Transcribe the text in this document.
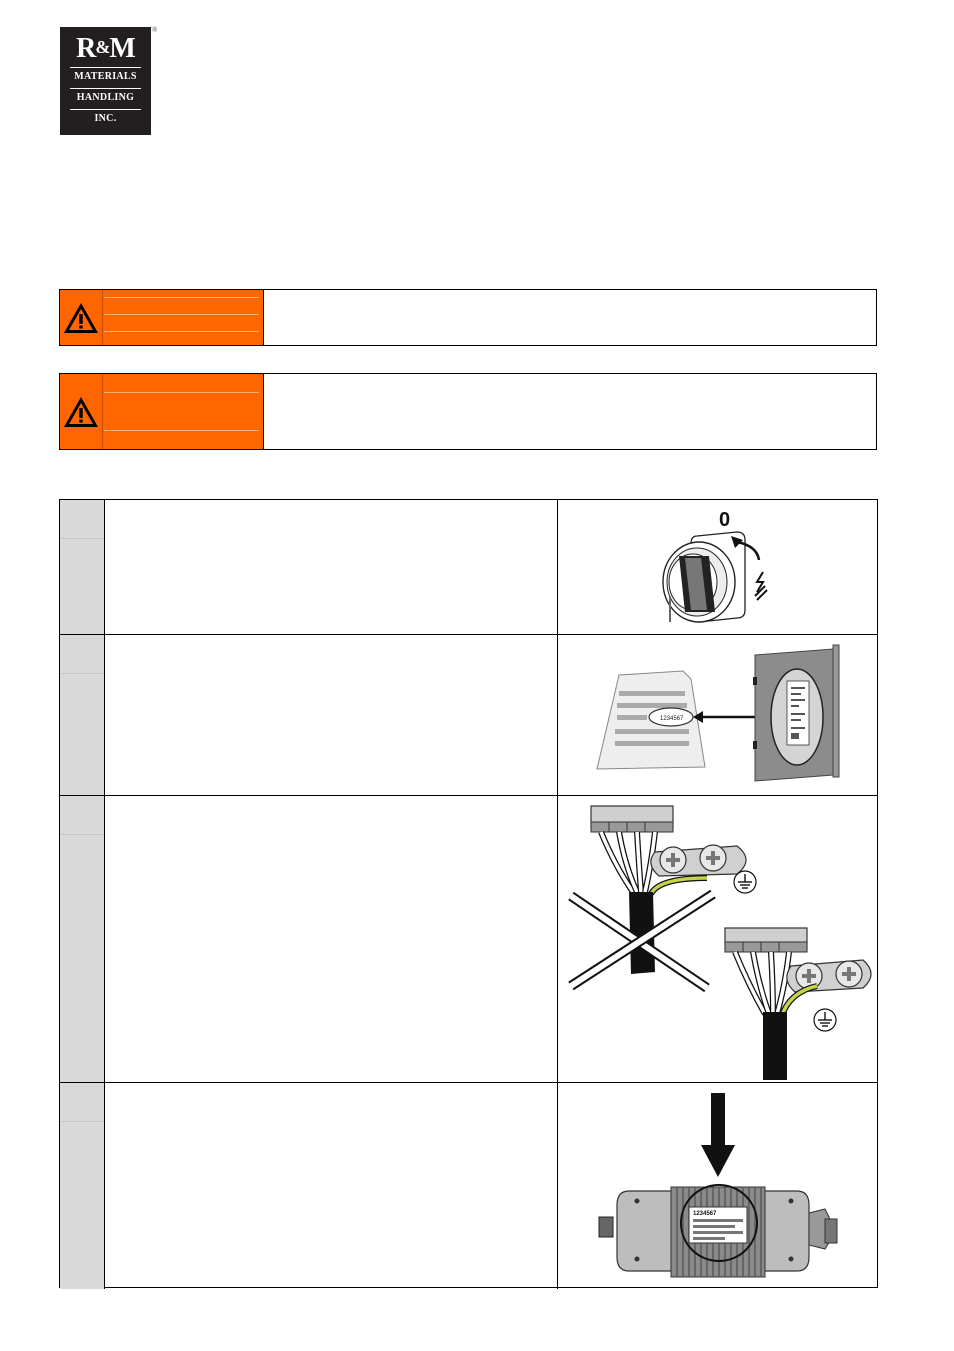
R&M
MATERIALS
HANDLING
INC.
®
0
1234567
1234567
